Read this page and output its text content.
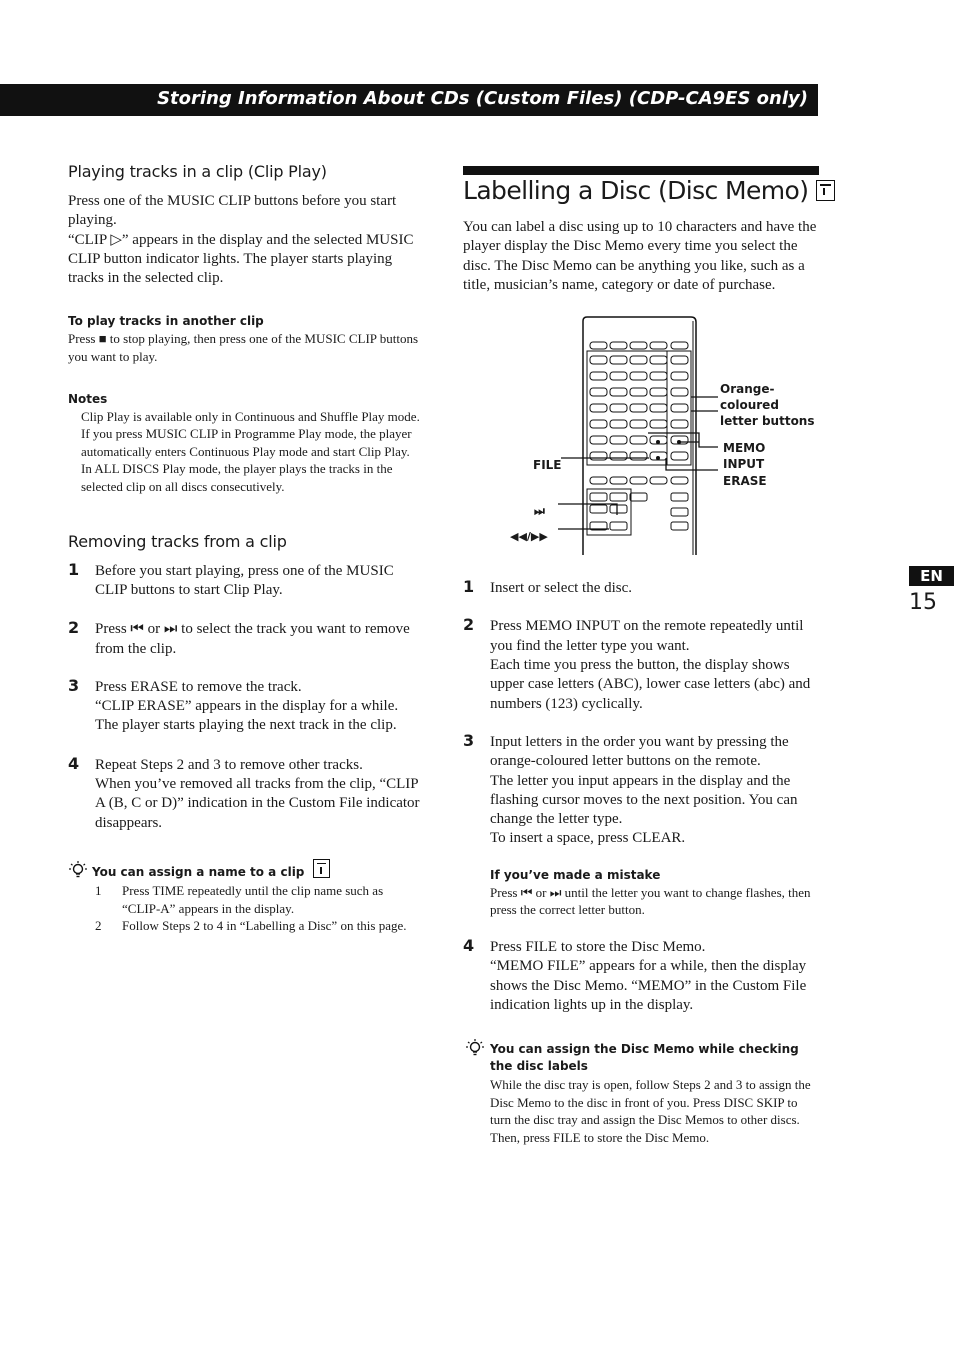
Storing Information About CDs (Custom Files) (CDP-CA9ES only)
Playing tracks in a clip (Clip Play)

Press one of the MUSIC CLIP buttons before you start playing.

“CLIP ▷” appears in the display and the selected MUSIC CLIP button indicator lights. The player starts playing tracks in the selected clip.

To play tracks in another clip

Press ■ to stop playing, then press one of the MUSIC CLIP buttons you want to play.

Notes

Clip Play is available only in Continuous and Shuffle Play mode. If you press MUSIC CLIP in Programme Play mode, the player automatically enters Continuous Play mode and start Clip Play.

In ALL DISCS Play mode, the player plays the tracks in the selected clip on all discs consecutively.

Removing tracks from a clip
1 Before you start playing, press one of the MUSIC CLIP buttons to start Clip Play.

2 Press ⏮ or ⏭ to select the track you want to remove from the clip.

3 Press ERASE to remove the track.

“CLIP ERASE” appears in the display for a while. The player starts playing the next track in the clip.

4 Repeat Steps 2 and 3 to remove other tracks.

When you’ve removed all tracks from the clip, “CLIP A (B, C or D)” indication in the Custom File indicator disappears.

You can assign a name to a clip

1	Press TIME repeatedly until the clip name such as “CLIP-A” appears in the display.

2	Follow Steps 2 to 4 in “Labelling a Disc” on this page.

Labelling a Disc (Disc Memo)

You can label a disc using up to 10 characters and have the player display the Disc Memo every time you select the disc. The Disc Memo can be anything you like, such as a title, musician’s name, category or date of purchase.

Orange-
coloured
letter buttons
MEMO
INPUT
ERASE
FILE
⏭
◀◀/▶▶
1 Insert or select the disc.

2 Press MEMO INPUT on the remote repeatedly until you find the letter type you want.

Each time you press the button, the display shows upper case letters (ABC), lower case letters (abc) and numbers (123) cyclically.

3 Input letters in the order you want by pressing the orange-coloured letter buttons on the remote.

The letter you input appears in the display and the flashing cursor moves to the next position. You can change the letter type.

To insert a space, press CLEAR.

If you’ve made a mistake

Press ⏮ or ⏭ until the letter you want to change flashes, then press the correct letter button.

4 Press FILE to store the Disc Memo.

“MEMO FILE” appears for a while, then the display shows the Disc Memo. “MEMO” in the Custom File indication lights up in the display.

You can assign the Disc Memo while checking the disc labels

While the disc tray is open, follow Steps 2 and 3 to assign the Disc Memo to the disc in front of you. Press DISC SKIP to turn the disc tray and assign the Disc Memos to other discs. Then, press FILE to store the Disc Memo.

EN
15
